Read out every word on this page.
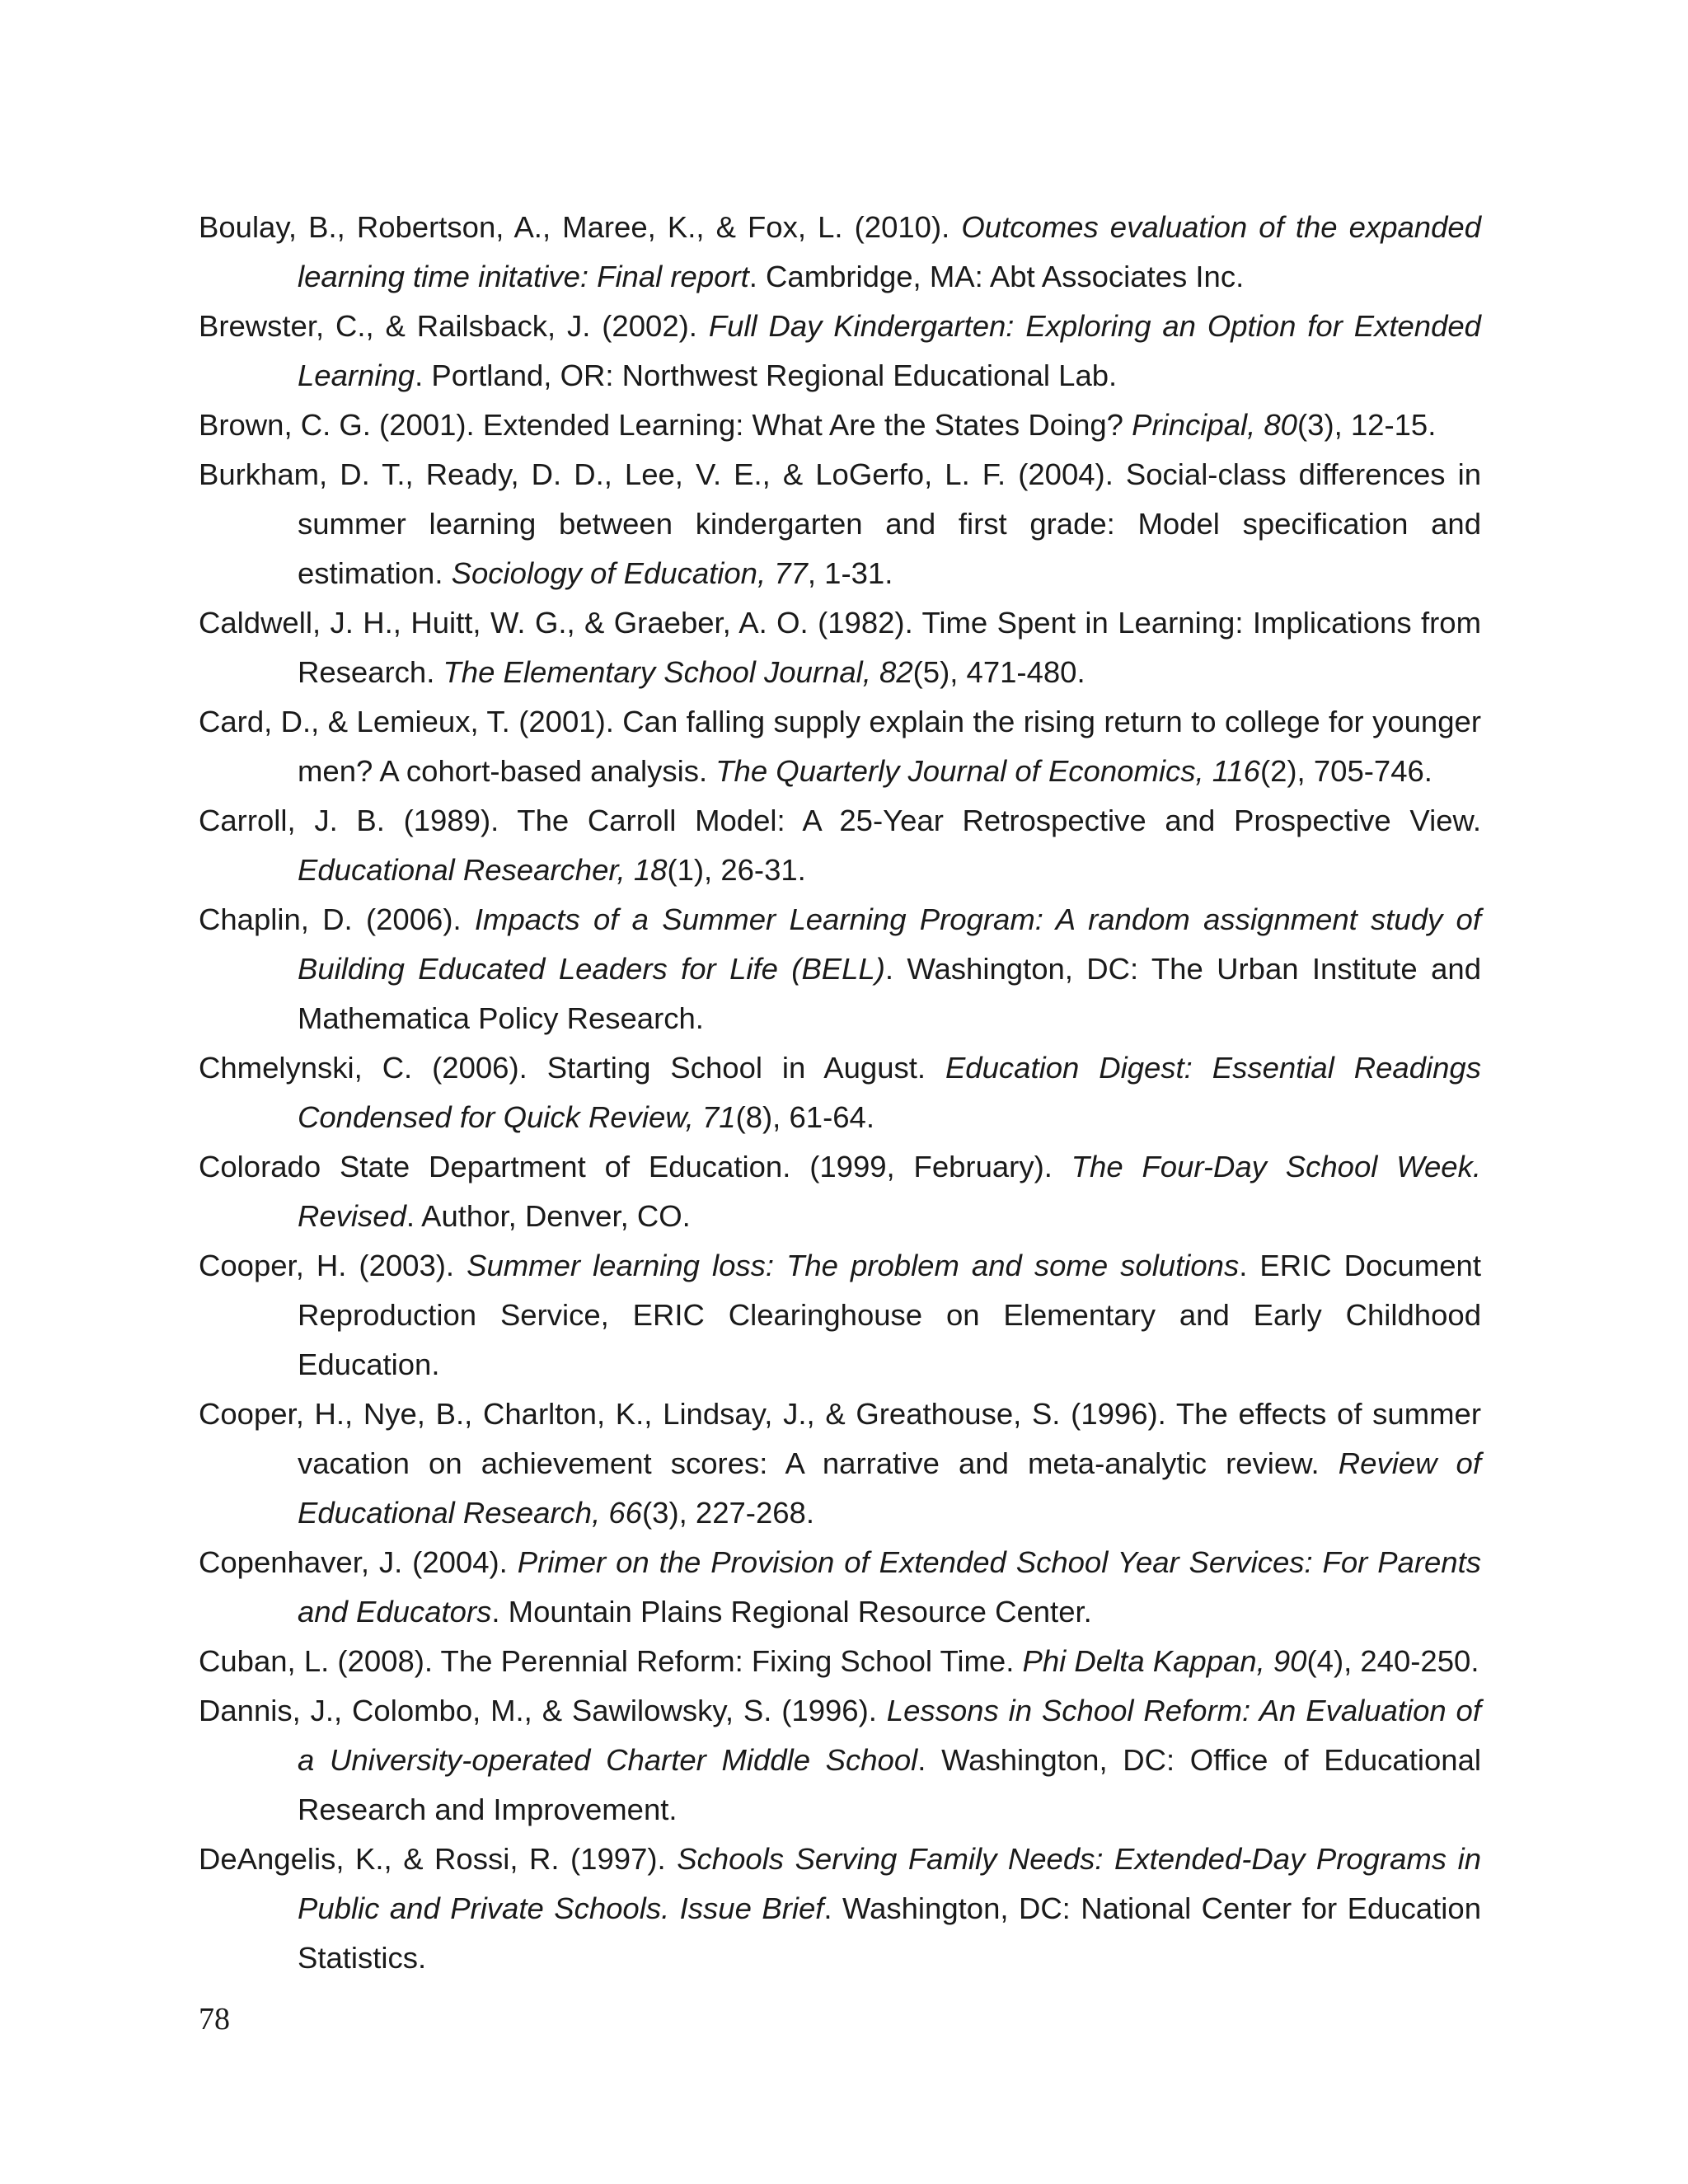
Boulay, B., Robertson, A., Maree, K., & Fox, L. (2010). Outcomes evaluation of the expanded learning time initative: Final report. Cambridge, MA: Abt Associates Inc.

Brewster, C., & Railsback, J. (2002). Full Day Kindergarten: Exploring an Option for Extended Learning. Portland, OR: Northwest Regional Educational Lab.

Brown, C. G. (2001). Extended Learning: What Are the States Doing? Principal, 80(3), 12-15.

Burkham, D. T., Ready, D. D., Lee, V. E., & LoGerfo, L. F. (2004). Social-class differences in summer learning between kindergarten and first grade: Model specification and estimation. Sociology of Education, 77, 1-31.

Caldwell, J. H., Huitt, W. G., & Graeber, A. O. (1982). Time Spent in Learning: Implications from Research. The Elementary School Journal, 82(5), 471-480.

Card, D., & Lemieux, T. (2001). Can falling supply explain the rising return to college for younger men? A cohort-based analysis. The Quarterly Journal of Economics, 116(2), 705-746.

Carroll, J. B. (1989). The Carroll Model: A 25-Year Retrospective and Prospective View. Educational Researcher, 18(1), 26-31.

Chaplin, D. (2006). Impacts of a Summer Learning Program: A random assignment study of Building Educated Leaders for Life (BELL). Washington, DC: The Urban Institute and Mathematica Policy Research.

Chmelynski, C. (2006). Starting School in August. Education Digest: Essential Readings Condensed for Quick Review, 71(8), 61-64.

Colorado State Department of Education. (1999, February). The Four-Day School Week. Revised. Author, Denver, CO.

Cooper, H. (2003). Summer learning loss: The problem and some solutions. ERIC Document Reproduction Service, ERIC Clearinghouse on Elementary and Early Childhood Education.

Cooper, H., Nye, B., Charlton, K., Lindsay, J., & Greathouse, S. (1996). The effects of summer vacation on achievement scores: A narrative and meta-analytic review. Review of Educational Research, 66(3), 227-268.

Copenhaver, J. (2004). Primer on the Provision of Extended School Year Services: For Parents and Educators. Mountain Plains Regional Resource Center.

Cuban, L. (2008). The Perennial Reform: Fixing School Time. Phi Delta Kappan, 90(4), 240-250.

Dannis, J., Colombo, M., & Sawilowsky, S. (1996). Lessons in School Reform: An Evaluation of a University-operated Charter Middle School. Washington, DC: Office of Educational Research and Improvement.

DeAngelis, K., & Rossi, R. (1997). Schools Serving Family Needs: Extended-Day Programs in Public and Private Schools. Issue Brief. Washington, DC: National Center for Education Statistics.

78
